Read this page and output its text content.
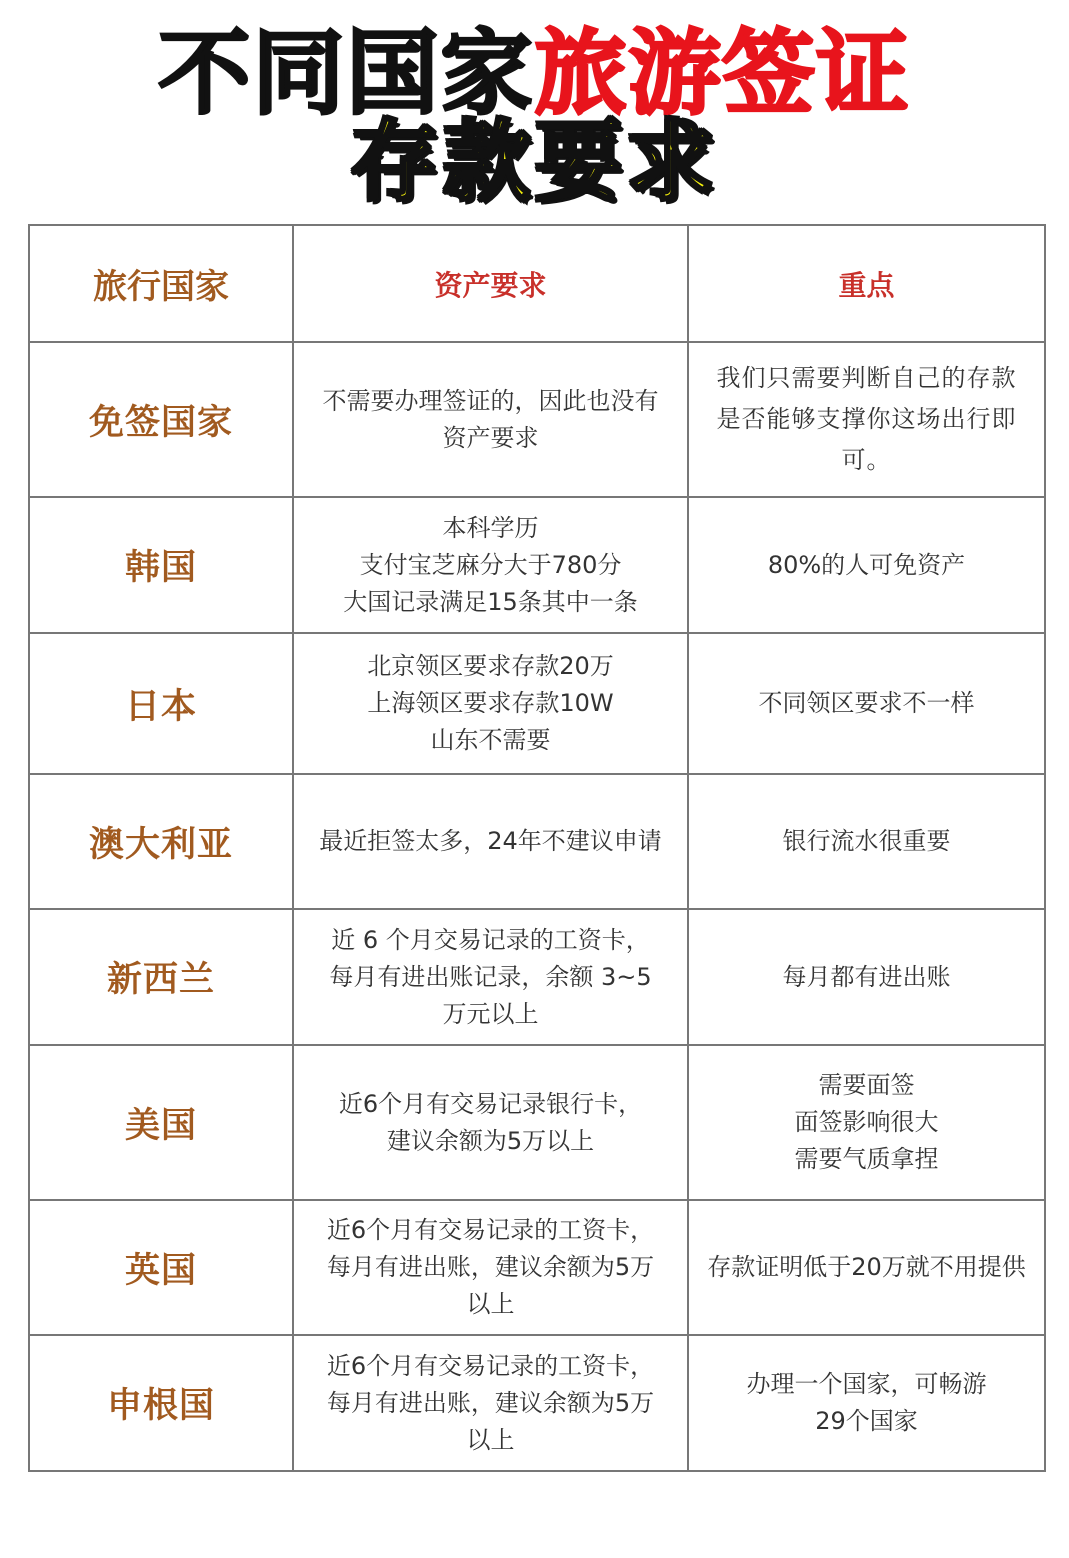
不同国家旅游签证
存款要求
旅行国家	资产要求	重点
免签国家	不需要办理签证的，因此也没有
资产要求	我们只需要判断自己的存款
是否能够支撑你这场出行即
可。

韩国	本科学历
支付宝芝麻分大于780分
大国记录满足15条其中一条	80%的人可免资产

日本	北京领区要求存款20万
上海领区要求存款10W
山东不需要	不同领区要求不一样

澳大利亚	最近拒签太多，24年不建议申请	银行流水很重要

新西兰	近 6 个月交易记录的工资卡，
每月有进出账记录，余额 3~5
万元以上	每月都有进出账

美国	近6个月有交易记录银行卡，
建议余额为5万以上	需要面签
面签影响很大
需要气质拿捏

英国	近6个月有交易记录的工资卡，
每月有进出账，建议余额为5万
以上	存款证明低于20万就不用提供

申根国	近6个月有交易记录的工资卡，
每月有进出账，建议余额为5万
以上	办理一个国家，可畅游
29个国家
